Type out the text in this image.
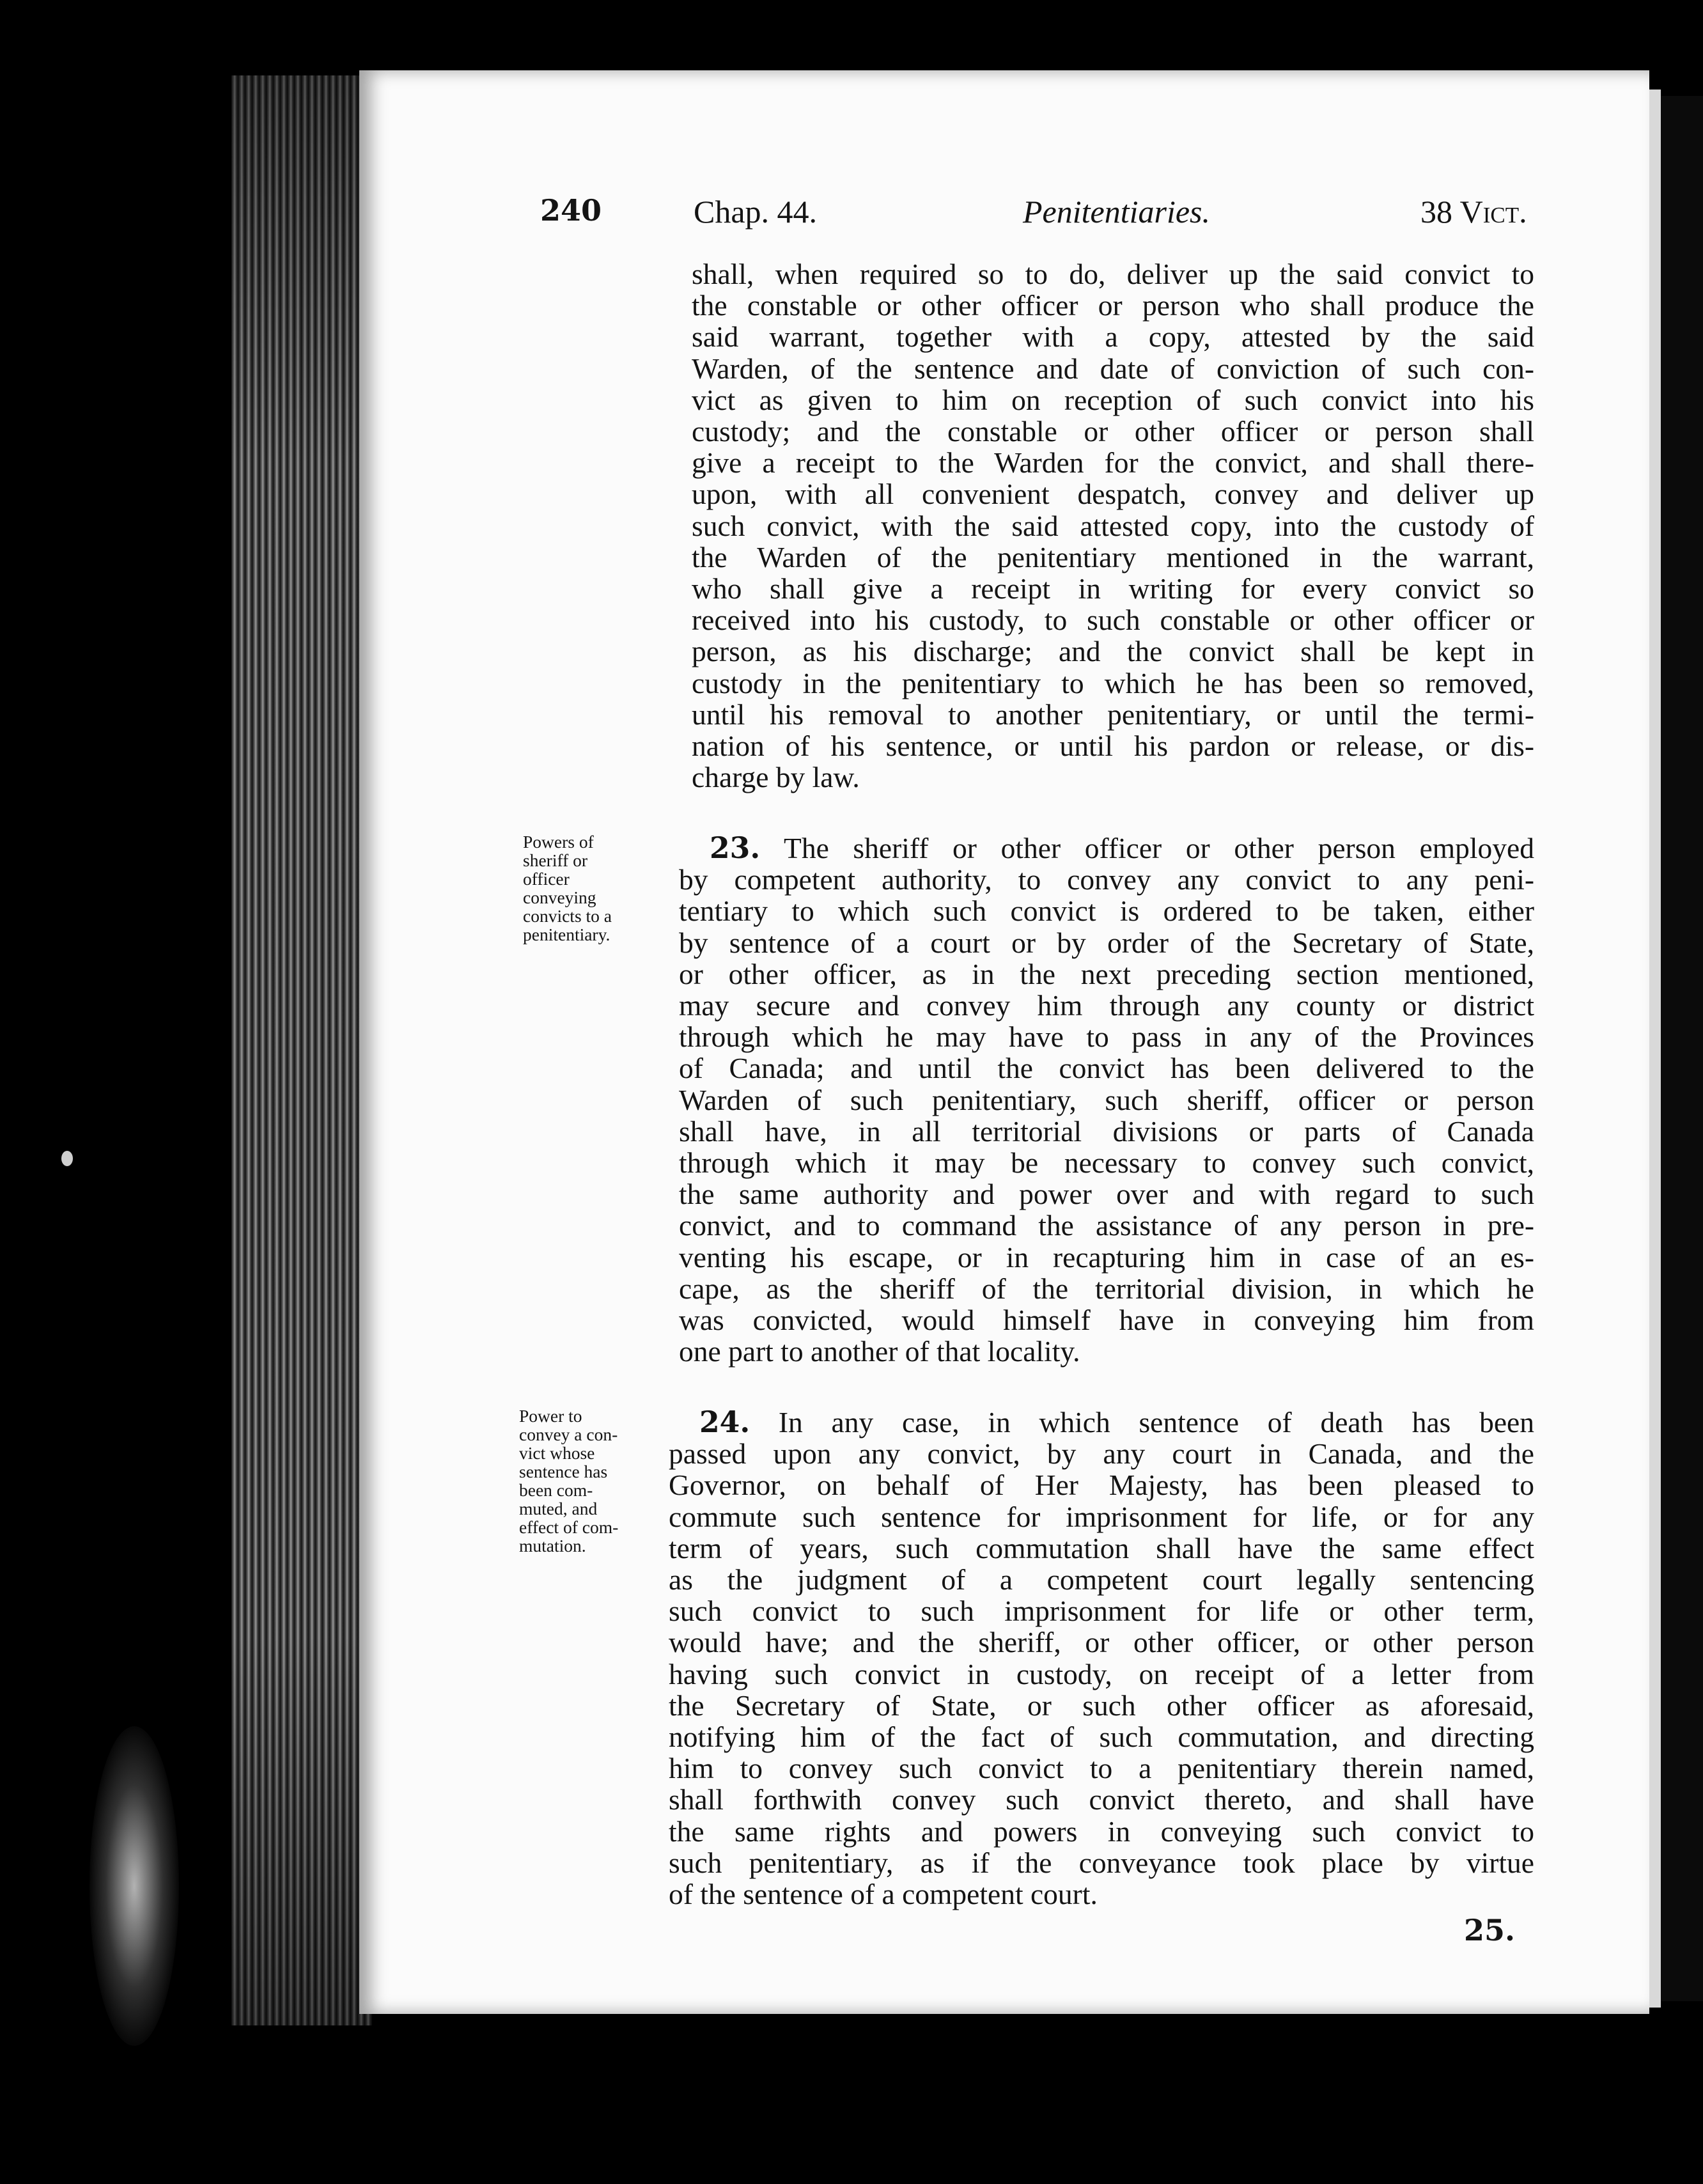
240	Chap. 44.	Penitentiaries.	38 Vict.
shall, when required so to do, deliver up the said convict to
the constable or other officer or person who shall produce the
said warrant, together with a copy, attested by the said
Warden, of the sentence and date of conviction of such con-
vict as given to him on reception of such convict into his
custody; and the constable or other officer or person shall
give a receipt to the Warden for the convict, and shall there-
upon, with all convenient despatch, convey and deliver up
such convict, with the said attested copy, into the custody of
the Warden of the penitentiary mentioned in the warrant,
who shall give a receipt in writing for every convict so
received into his custody, to such constable or other officer or
person, as his discharge; and the convict shall be kept in
custody in the penitentiary to which he has been so removed,
until his removal to another penitentiary, or until the termi-
nation of his sentence, or until his pardon or release, or dis-
charge by law.
Powers of
sheriff or
officer
conveying
convicts to a
penitentiary.
23. The sheriff or other officer or other person employed
by competent authority, to convey any convict to any peni-
tentiary to which such convict is ordered to be taken, either
by sentence of a court or by order of the Secretary of State,
or other officer, as in the next preceding section mentioned,
may secure and convey him through any county or district
through which he may have to pass in any of the Provinces
of Canada; and until the convict has been delivered to the
Warden of such penitentiary, such sheriff, officer or person
shall have, in all territorial divisions or parts of Canada
through which it may be necessary to convey such convict,
the same authority and power over and with regard to such
convict, and to command the assistance of any person in pre-
venting his escape, or in recapturing him in case of an es-
cape, as the sheriff of the territorial division, in which he
was convicted, would himself have in conveying him from
one part to another of that locality.
Power to
convey a con-
vict whose
sentence has
been com-
muted, and
effect of com-
mutation.
24. In any case, in which sentence of death has been
passed upon any convict, by any court in Canada, and the
Governor, on behalf of Her Majesty, has been pleased to
commute such sentence for imprisonment for life, or for any
term of years, such commutation shall have the same effect
as the judgment of a competent court legally sentencing
such convict to such imprisonment for life or other term,
would have; and the sheriff, or other officer, or other person
having such convict in custody, on receipt of a letter from
the Secretary of State, or such other officer as aforesaid,
notifying him of the fact of such commutation, and directing
him to convey such convict to a penitentiary therein named,
shall forthwith convey such convict thereto, and shall have
the same rights and powers in conveying such convict to
such penitentiary, as if the conveyance took place by virtue
of the sentence of a competent court.
25.
